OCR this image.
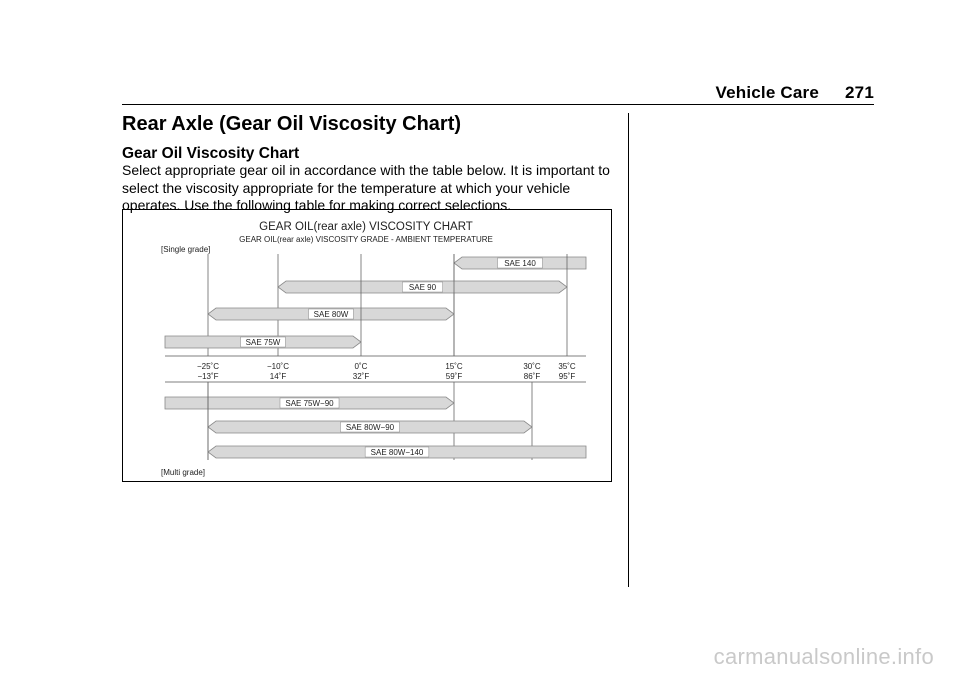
Vehicle Care 271
Rear Axle (Gear Oil Viscosity Chart)
Gear Oil Viscosity Chart

Select appropriate gear oil in accordance with the table below. It is important to select the viscosity appropriate for the temperature at which your vehicle operates. Use the following table for making correct selections.

GEAR OIL(rear axle) VISCOSITY CHART
GEAR OIL(rear axle) VISCOSITY GRADE - AMBIENT TEMPERATURE
[Single grade]
[Multi grade]
−25˚C	−10˚C	0˚C	15˚C	30˚C 35˚C
−13˚F	14˚F	32˚F	59˚F	86˚F 95˚F
SAE 140
SAE 90
SAE 80W
SAE 75W
SAE 75W−90
SAE 80W−90
SAE 80W−140
carmanualsonline.info
